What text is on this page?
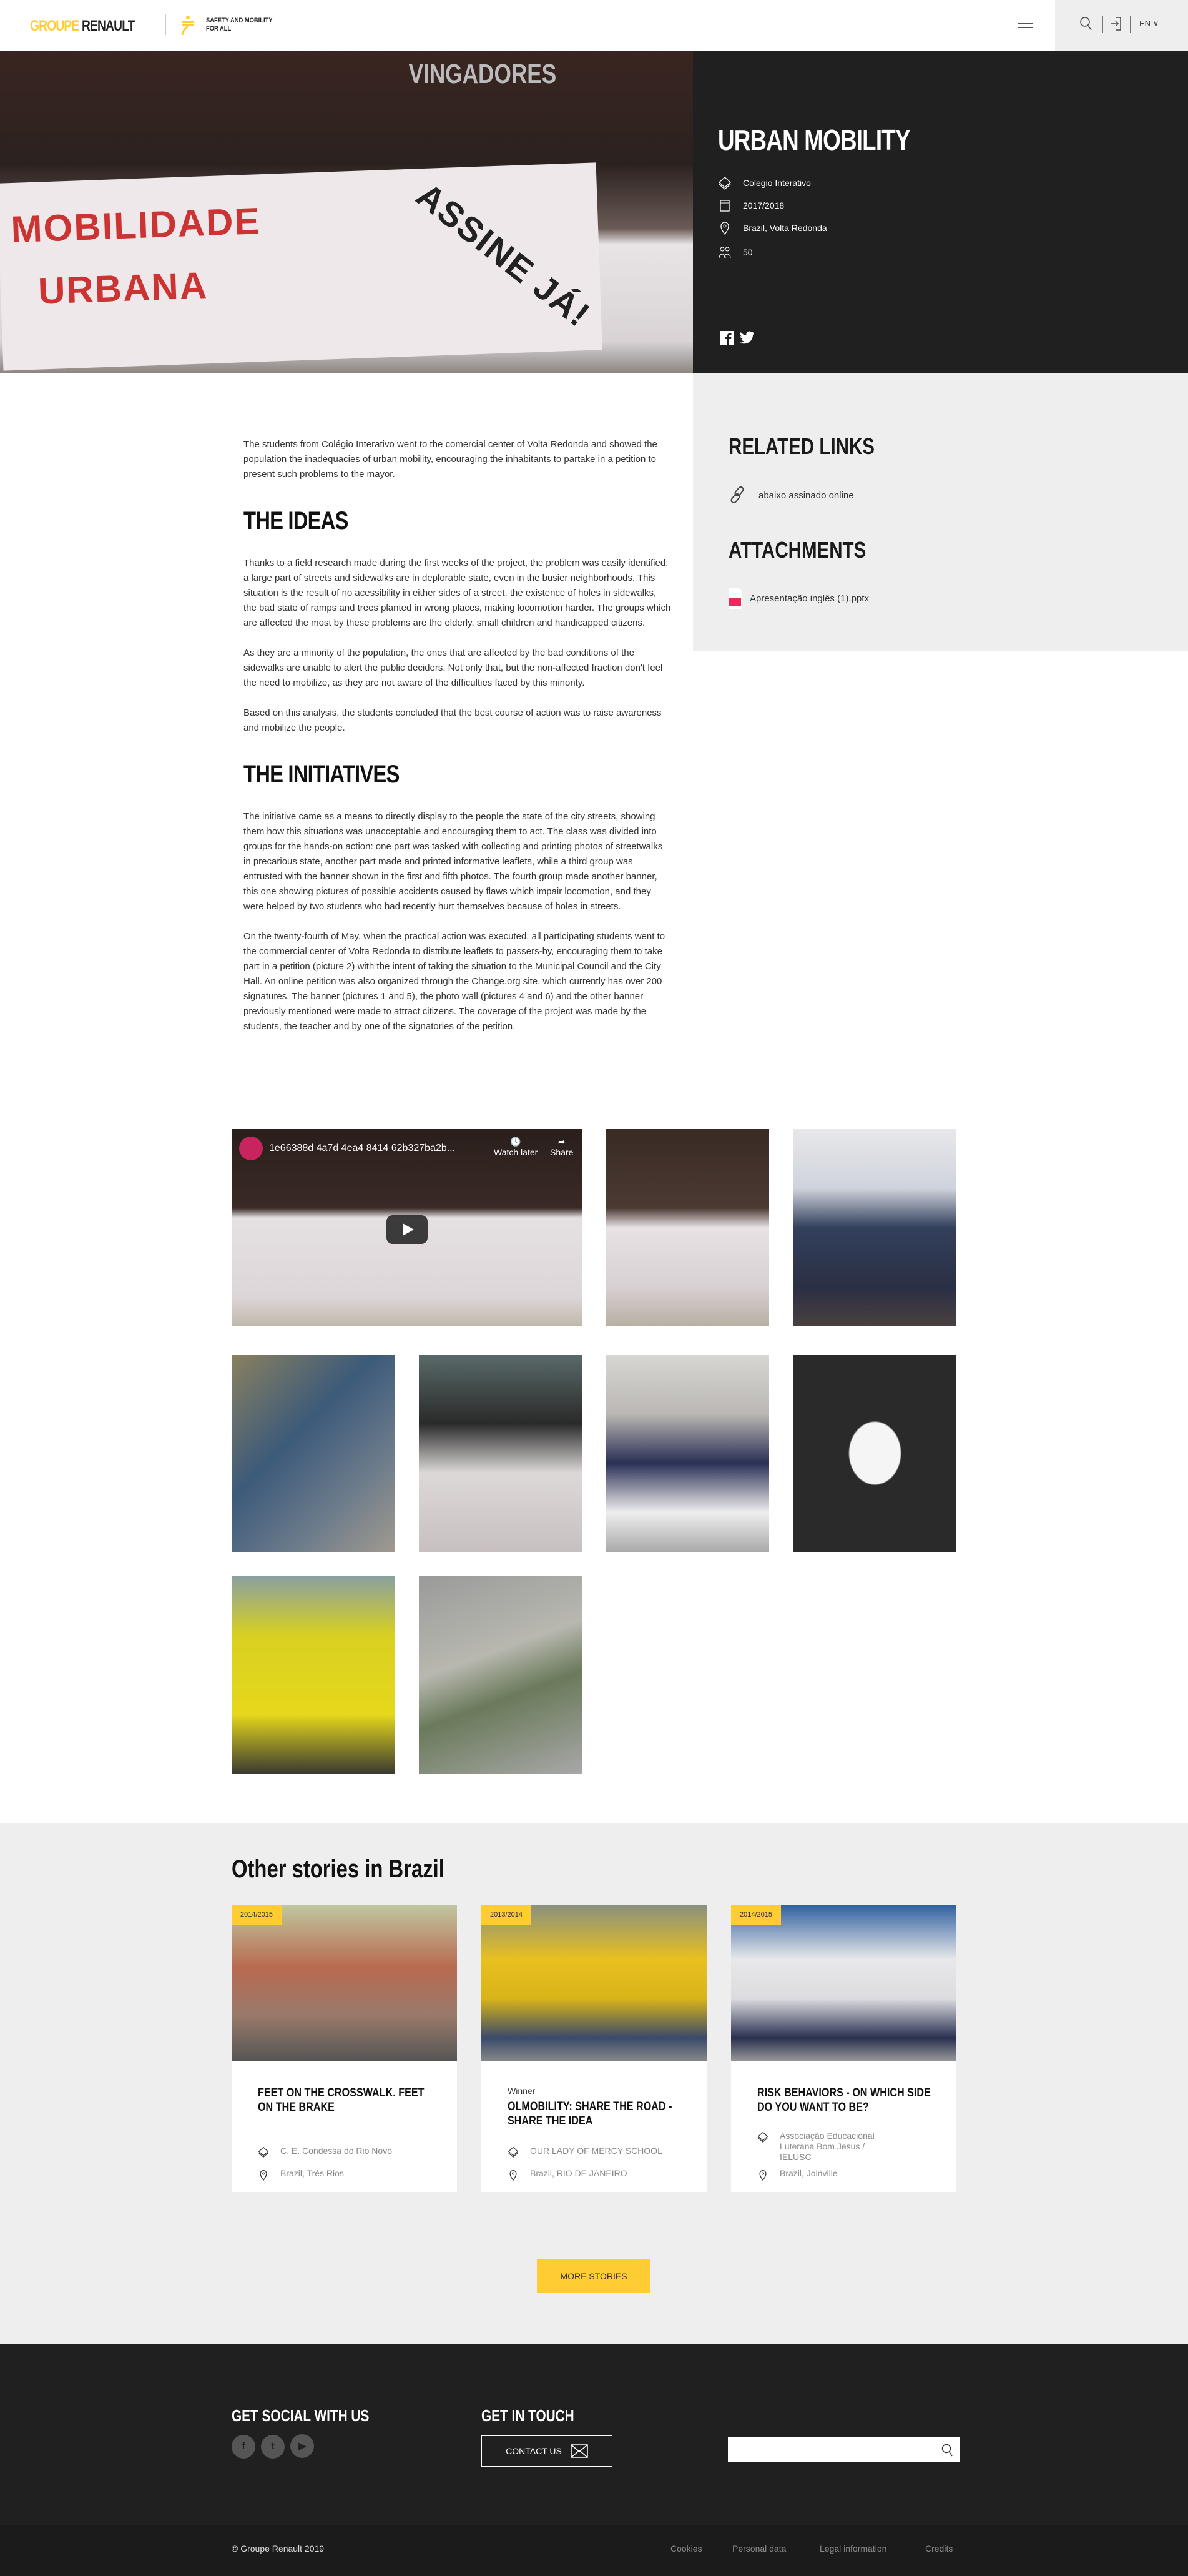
GROUPE RENAULT	SAFETY AND MOBILITY
FOR ALL
EN ∨
VINGADORES
MOBILIDADE
URBANA	ASSINE JÁ!
URBAN MOBILITY
Colegio Interativo
2017/2018
Brazil, Volta Redonda
50
RELATED LINKS
abaixo assinado online
ATTACHMENTS
Apresentação inglês (1).pptx

The students from Colégio Interativo went to the comercial center of Volta Redonda and showed the population the inadequacies of urban mobility, encouraging the inhabitants to partake in a petition to present such problems to the mayor.

THE IDEAS

Thanks to a field research made during the first weeks of the project, the problem was easily identified: a large part of streets and sidewalks are in deplorable state, even in the busier neighborhoods. This situation is the result of no acessibility in either sides of a street, the existence of holes in sidewalks, the bad state of ramps and trees planted in wrong places, making locomotion harder. The groups which are affected the most by these problems are the elderly, small children and handicapped citizens.

As they are a minority of the population, the ones that are affected by the bad conditions of the sidewalks are unable to alert the public deciders. Not only that, but the non-affected fraction don't feel the need to mobilize, as they are not aware of the difficulties faced by this minority.

Based on this analysis, the students concluded that the best course of action was to raise awareness and mobilize the people.

THE INITIATIVES

The initiative came as a means to directly display to the people the state of the city streets, showing them how this situations was unacceptable and encouraging them to act. The class was divided into groups for the hands-on action: one part was tasked with collecting and printing photos of streetwalks in precarious state, another part made and printed informative leaflets, while a third group was entrusted with the banner shown in the first and fifth photos. The fourth group made another banner, this one showing pictures of possible accidents caused by flaws which impair locomotion, and they were helped by two students who had recently hurt themselves because of holes in streets.

On the twenty-fourth of May, when the practical action was executed, all participating students went to the commercial center of Volta Redonda to distribute leaflets to passers-by, encouraging them to take part in a petition (picture 2) with the intent of taking the situation to the Municipal Council and the City Hall. An online petition was also organized through the Change.org site, which currently has over 200 signatures. The banner (pictures 1 and 5), the photo wall (pictures 4 and 6) and the other banner previously mentioned were made to attract citizens. The coverage of the project was made by the students, the teacher and by one of the signatories of the petition.

1e66388d 4a7d 4ea4 8414 62b327ba2b...
🕓
Watch later
➦
Share
Other stories in Brazil
2014/2015
FEET ON THE CROSSWALK. FEET ON THE BRAKE
C. E. Condessa do Rio Novo
Brazil, Três Rios
2013/2014
Winner
OLMOBILITY: SHARE THE ROAD - SHARE THE IDEA
OUR LADY OF MERCY SCHOOL
Brazil, RIO DE JANEIRO
2014/2015
RISK BEHAVIORS - ON WHICH SIDE DO YOU WANT TO BE?
Associação Educacional Luterana Bom Jesus / IELUSC
Brazil, Joinville
MORE STORIES
GET SOCIAL WITH US
f	t ▶
GET IN TOUCH
CONTACT US
© Groupe Renault 2019	Cookies	Personal data	Legal information	Credits
